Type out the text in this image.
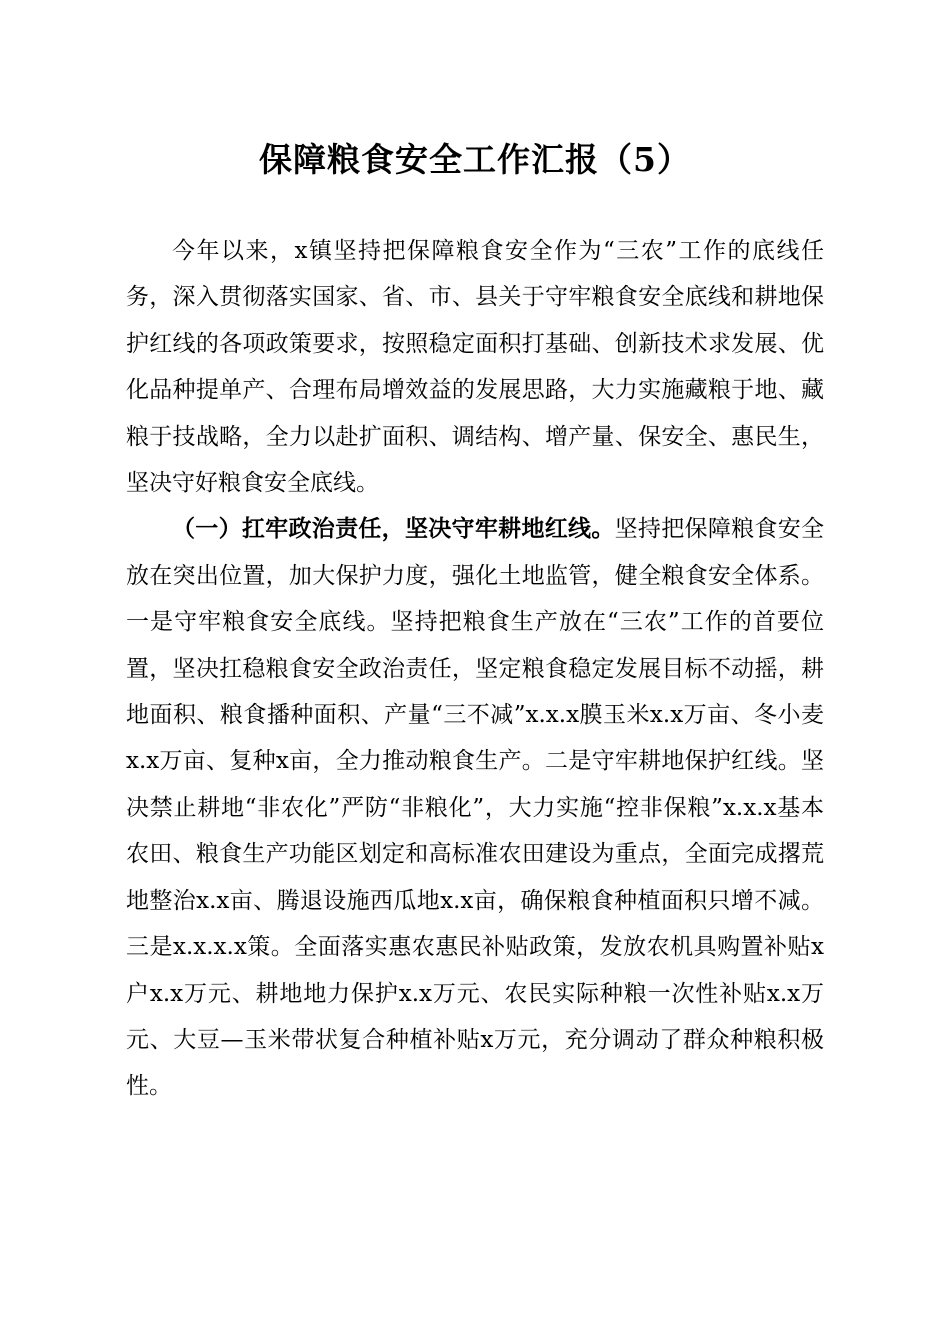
保障粮食安全工作汇报（5）

今年以来，x镇坚持把保障粮食安全作为“三农”工作的底线任务，深入贯彻落实国家、省、市、县关于守牢粮食安全底线和耕地保护红线的各项政策要求，按照稳定面积打基础、创新技术求发展、优化品种提单产、合理布局增效益的发展思路，大力实施藏粮于地、藏粮于技战略，全力以赴扩面积、调结构、增产量、保安全、惠民生，坚决守好粮食安全底线。

（一）扛牢政治责任，坚决守牢耕地红线。坚持把保障粮食安全放在突出位置，加大保护力度，强化土地监管，健全粮食安全体系。一是守牢粮食安全底线。坚持把粮食生产放在“三农”工作的首要位置，坚决扛稳粮食安全政治责任，坚定粮食稳定发展目标不动摇，耕地面积、粮食播种面积、产量“三不减”x.x.x膜玉米x.x万亩、冬小麦x.x万亩、复种x亩，全力推动粮食生产。二是守牢耕地保护红线。坚决禁止耕地“非农化”严防“非粮化”，大力实施“控非保粮”x.x.x基本农田、粮食生产功能区划定和高标准农田建设为重点，全面完成撂荒地整治x.x亩、腾退设施西瓜地x.x亩，确保粮食种植面积只增不减。三是x.x.x.x策。全面落实惠农惠民补贴政策，发放农机具购置补贴x户x.x万元、耕地地力保护x.x万元、农民实际种粮一次性补贴x.x万元、大豆—玉米带状复合种植补贴x万元，充分调动了群众种粮积极性。
